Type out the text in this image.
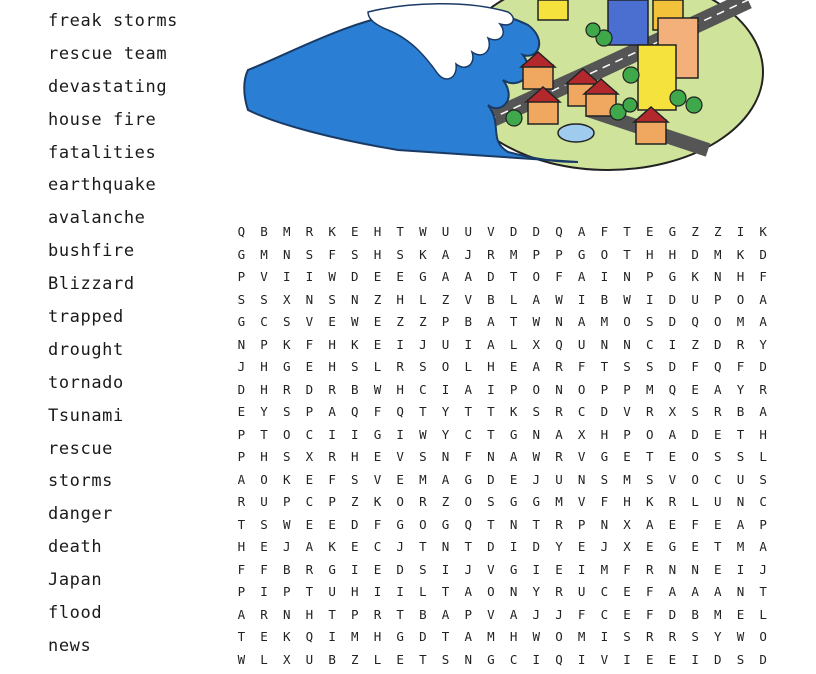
freak storms
rescue team
devastating
house fire
fatalities
earthquake
avalanche
bushfire
Blizzard
trapped
drought
tornado
Tsunami
rescue
storms
danger
death
Japan
flood
news
Q	B	M	R	K	E	H	T	W	U	U	V	D	D	Q	A	F	T	E	G	Z	Z	I	K
G	M	N	S	F	S	H	S	K	A	J	R	M	P	P	G	O	T	H	H	D	M	K	D
P	V	I	I	W	D	E	E	G	A	A	D	T	O	F	A	I	N	P	G	K	N	H	F
S	S	X	N	S	N	Z	H	L	Z	V	B	L	A	W	I	B	W	I	D	U	P	O	A
G	C	S	V	E	W	E	Z	Z	P	B	A	T	W	N	A	M	O	S	D	Q	O	M	A
N	P	K	F	H	K	E	I	J	U	I	A	L	X	Q	U	N	N	C	I	Z	D	R	Y
J	H	G	E	H	S	L	R	S	O	L	H	E	A	R	F	T	S	S	D	F	Q	F	D
D	H	R	D	R	B	W	H	C	I	A	I	P	O	N	O	P	P	M	Q	E	A	Y	R
E	Y	S	P	A	Q	F	Q	T	Y	T	T	K	S	R	C	D	V	R	X	S	R	B	A
P	T	O	C	I	I	G	I	W	Y	C	T	G	N	A	X	H	P	O	A	D	E	T	H
P	H	S	X	R	H	E	V	S	N	F	N	A	W	R	V	G	E	T	E	O	S	S	L
A	O	K	E	F	S	V	E	M	A	G	D	E	J	U	N	S	M	S	V	O	C	U	S
R	U	P	C	P	Z	K	O	R	Z	O	S	G	G	M	V	F	H	K	R	L	U	N	C
T	S	W	E	E	D	F	G	O	G	Q	T	N	T	R	P	N	X	A	E	F	E	A	P
H	E	J	A	K	E	C	J	T	N	T	D	I	D	Y	E	J	X	E	G	E	T	M	A
F	F	B	R	G	I	E	D	S	I	J	V	G	I	E	I	M	F	R	N	N	E	I	J
P	I	P	T	U	H	I	I	L	T	A	O	N	Y	R	U	C	E	F	A	A	A	N	T
A	R	N	H	T	P	R	T	B	A	P	V	A	J	J	F	C	E	F	D	B	M	E	L
T	E	K	Q	I	M	H	G	D	T	A	M	H	W	O	M	I	S	R	R	S	Y	W	O
W	L	X	U	B	Z	L	E	T	S	N	G	C	I	Q	I	V	I	E	E	I	D	S	D
